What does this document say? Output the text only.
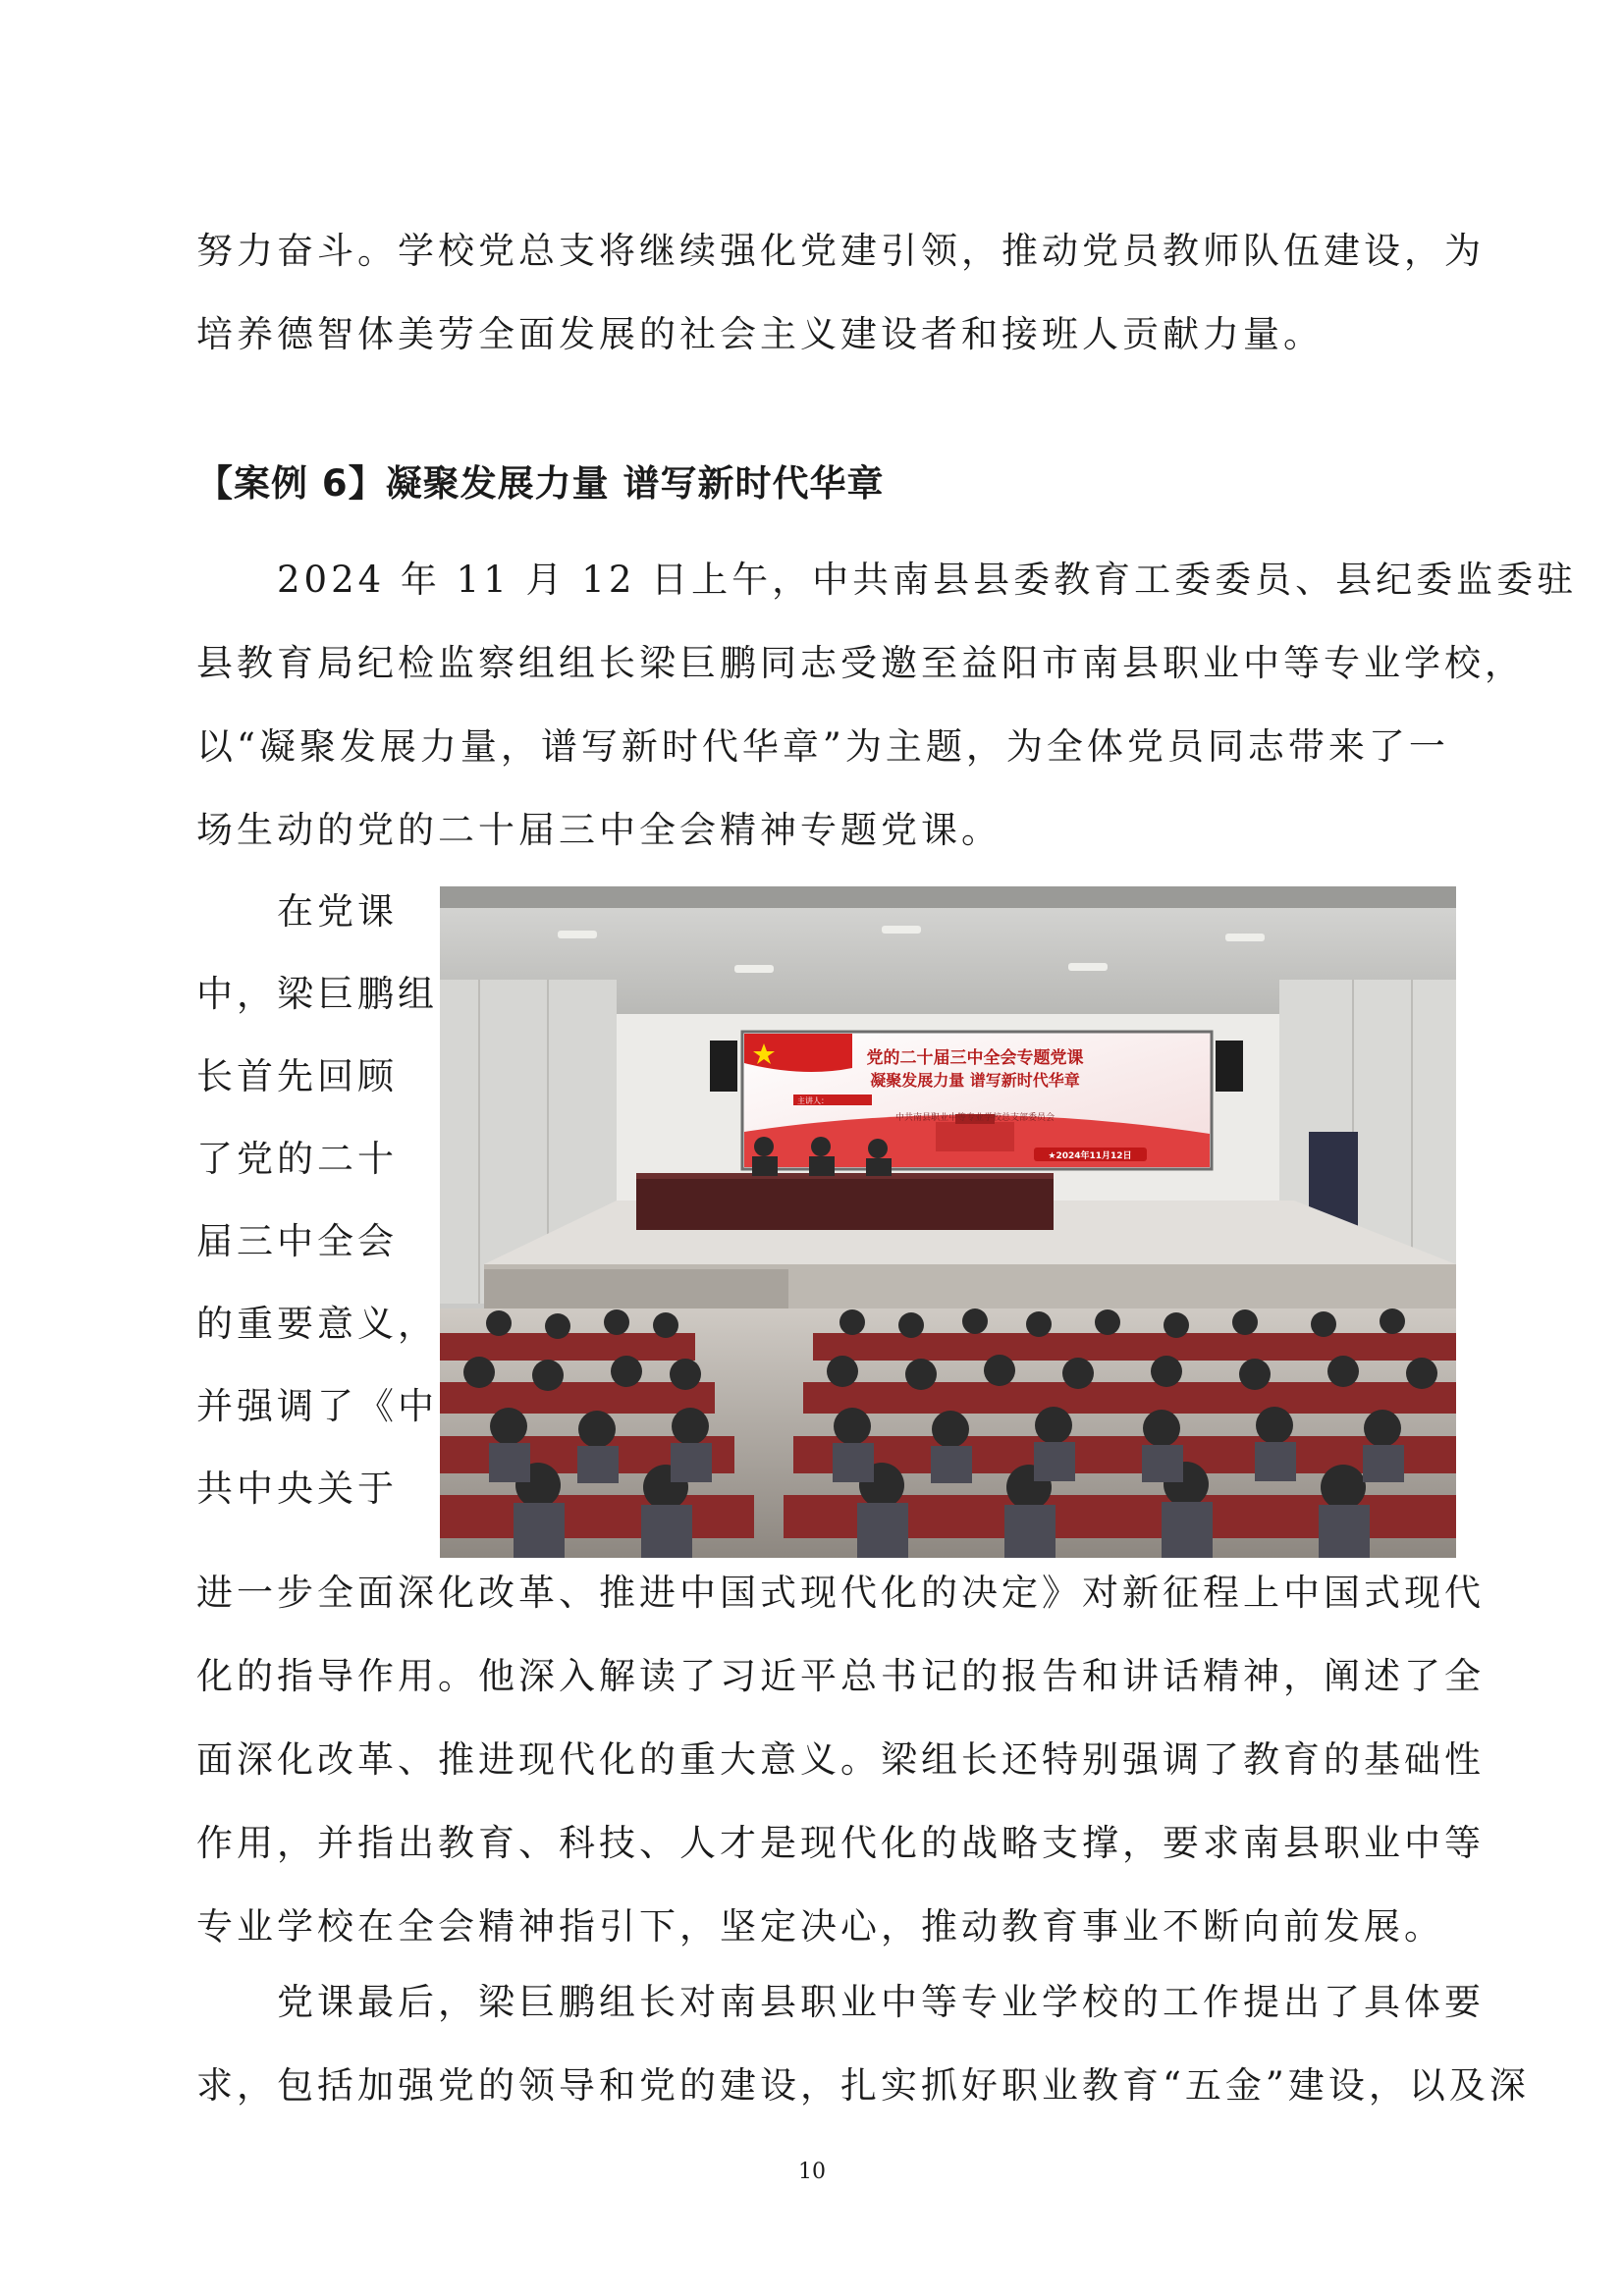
努力奋斗。学校党总支将继续强化党建引领，推动党员教师队伍建设，为
培养德智体美劳全面发展的社会主义建设者和接班人贡献力量。
【案例 6】凝聚发展力量 谱写新时代华章
　　2024 年 11 月 12 日上午，中共南县县委教育工委委员、县纪委监委驻
县教育局纪检监察组组长梁巨鹏同志受邀至益阳市南县职业中等专业学校，
以“凝聚发展力量，谱写新时代华章”为主题，为全体党员同志带来了一
场生动的党的二十届三中全会精神专题党课。
　　在党课
中，梁巨鹏组
长首先回顾
了党的二十
届三中全会
的重要意义，
并强调了《中
共中央关于
党的二十届三中全会专题党课
凝聚发展力量 谱写新时代华章
主讲人：
中共南县职业中等专业学校总支部委员会
★2024年11月12日
进一步全面深化改革、推进中国式现代化的决定》对新征程上中国式现代
化的指导作用。他深入解读了习近平总书记的报告和讲话精神，阐述了全
面深化改革、推进现代化的重大意义。梁组长还特别强调了教育的基础性
作用，并指出教育、科技、人才是现代化的战略支撑，要求南县职业中等
专业学校在全会精神指引下，坚定决心，推动教育事业不断向前发展。
　　党课最后，梁巨鹏组长对南县职业中等专业学校的工作提出了具体要
求，包括加强党的领导和党的建设，扎实抓好职业教育“五金”建设，以及深
10
